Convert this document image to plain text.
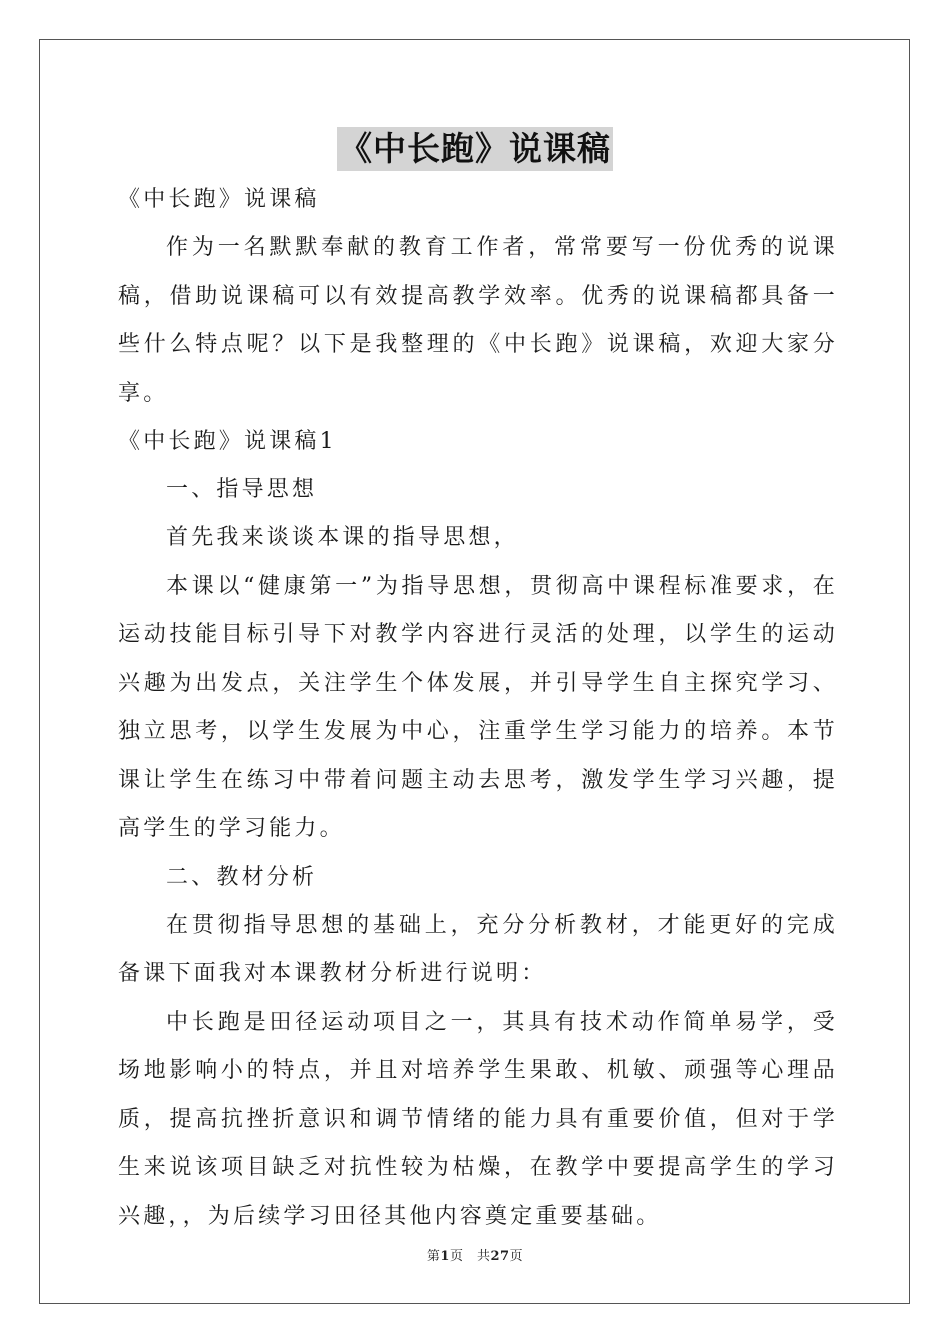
《中长跑》说课稿
《中长跑》说课稿

作为一名默默奉献的教育工作者，常常要写一份优秀的说课稿，借助说课稿可以有效提高教学效率。优秀的说课稿都具备一些什么特点呢？以下是我整理的《中长跑》说课稿，欢迎大家分享。

《中长跑》说课稿1
一、指导思想

首先我来谈谈本课的指导思想，

本课以“健康第一”为指导思想，贯彻高中课程标准要求，在运动技能目标引导下对教学内容进行灵活的处理，以学生的运动兴趣为出发点，关注学生个体发展，并引导学生自主探究学习、独立思考，以学生发展为中心，注重学生学习能力的培养。本节课让学生在练习中带着问题主动去思考，激发学生学习兴趣，提高学生的学习能力。

二、教材分析

在贯彻指导思想的基础上，充分分析教材，才能更好的完成备课下面我对本课教材分析进行说明：

中长跑是田径运动项目之一，其具有技术动作简单易学，受场地影响小的特点，并且对培养学生果敢、机敏、顽强等心理品质，提高抗挫折意识和调节情绪的能力具有重要价值，但对于学生来说该项目缺乏对抗性较为枯燥，在教学中要提高学生的学习兴趣，，为后续学习田径其他内容奠定重要基础。

第1页　共27页
